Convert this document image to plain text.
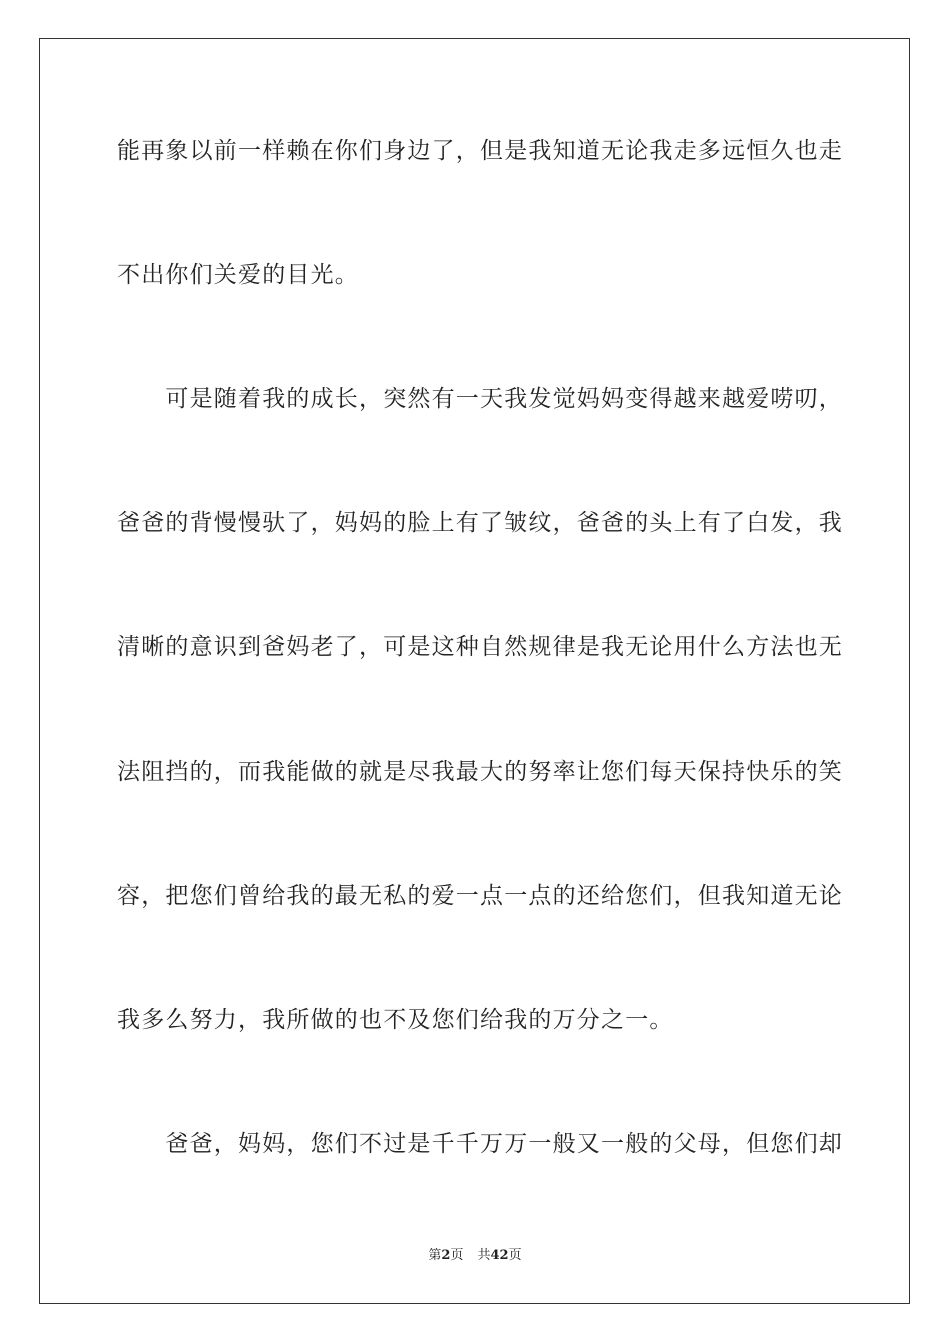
能再象以前一样赖在你们身边了，但是我知道无论我走多远恒久也走
不出你们关爱的目光。
　　可是随着我的成长，突然有一天我发觉妈妈变得越来越爱唠叨，
爸爸的背慢慢驮了，妈妈的脸上有了皱纹，爸爸的头上有了白发，我
清晰的意识到爸妈老了，可是这种自然规律是我无论用什么方法也无
法阻挡的，而我能做的就是尽我最大的努率让您们每天保持快乐的笑
容，把您们曾给我的最无私的爱一点一点的还给您们，但我知道无论
我多么努力，我所做的也不及您们给我的万分之一。
　　爸爸，妈妈，您们不过是千千万万一般又一般的父母，但您们却
第2页 共42页
